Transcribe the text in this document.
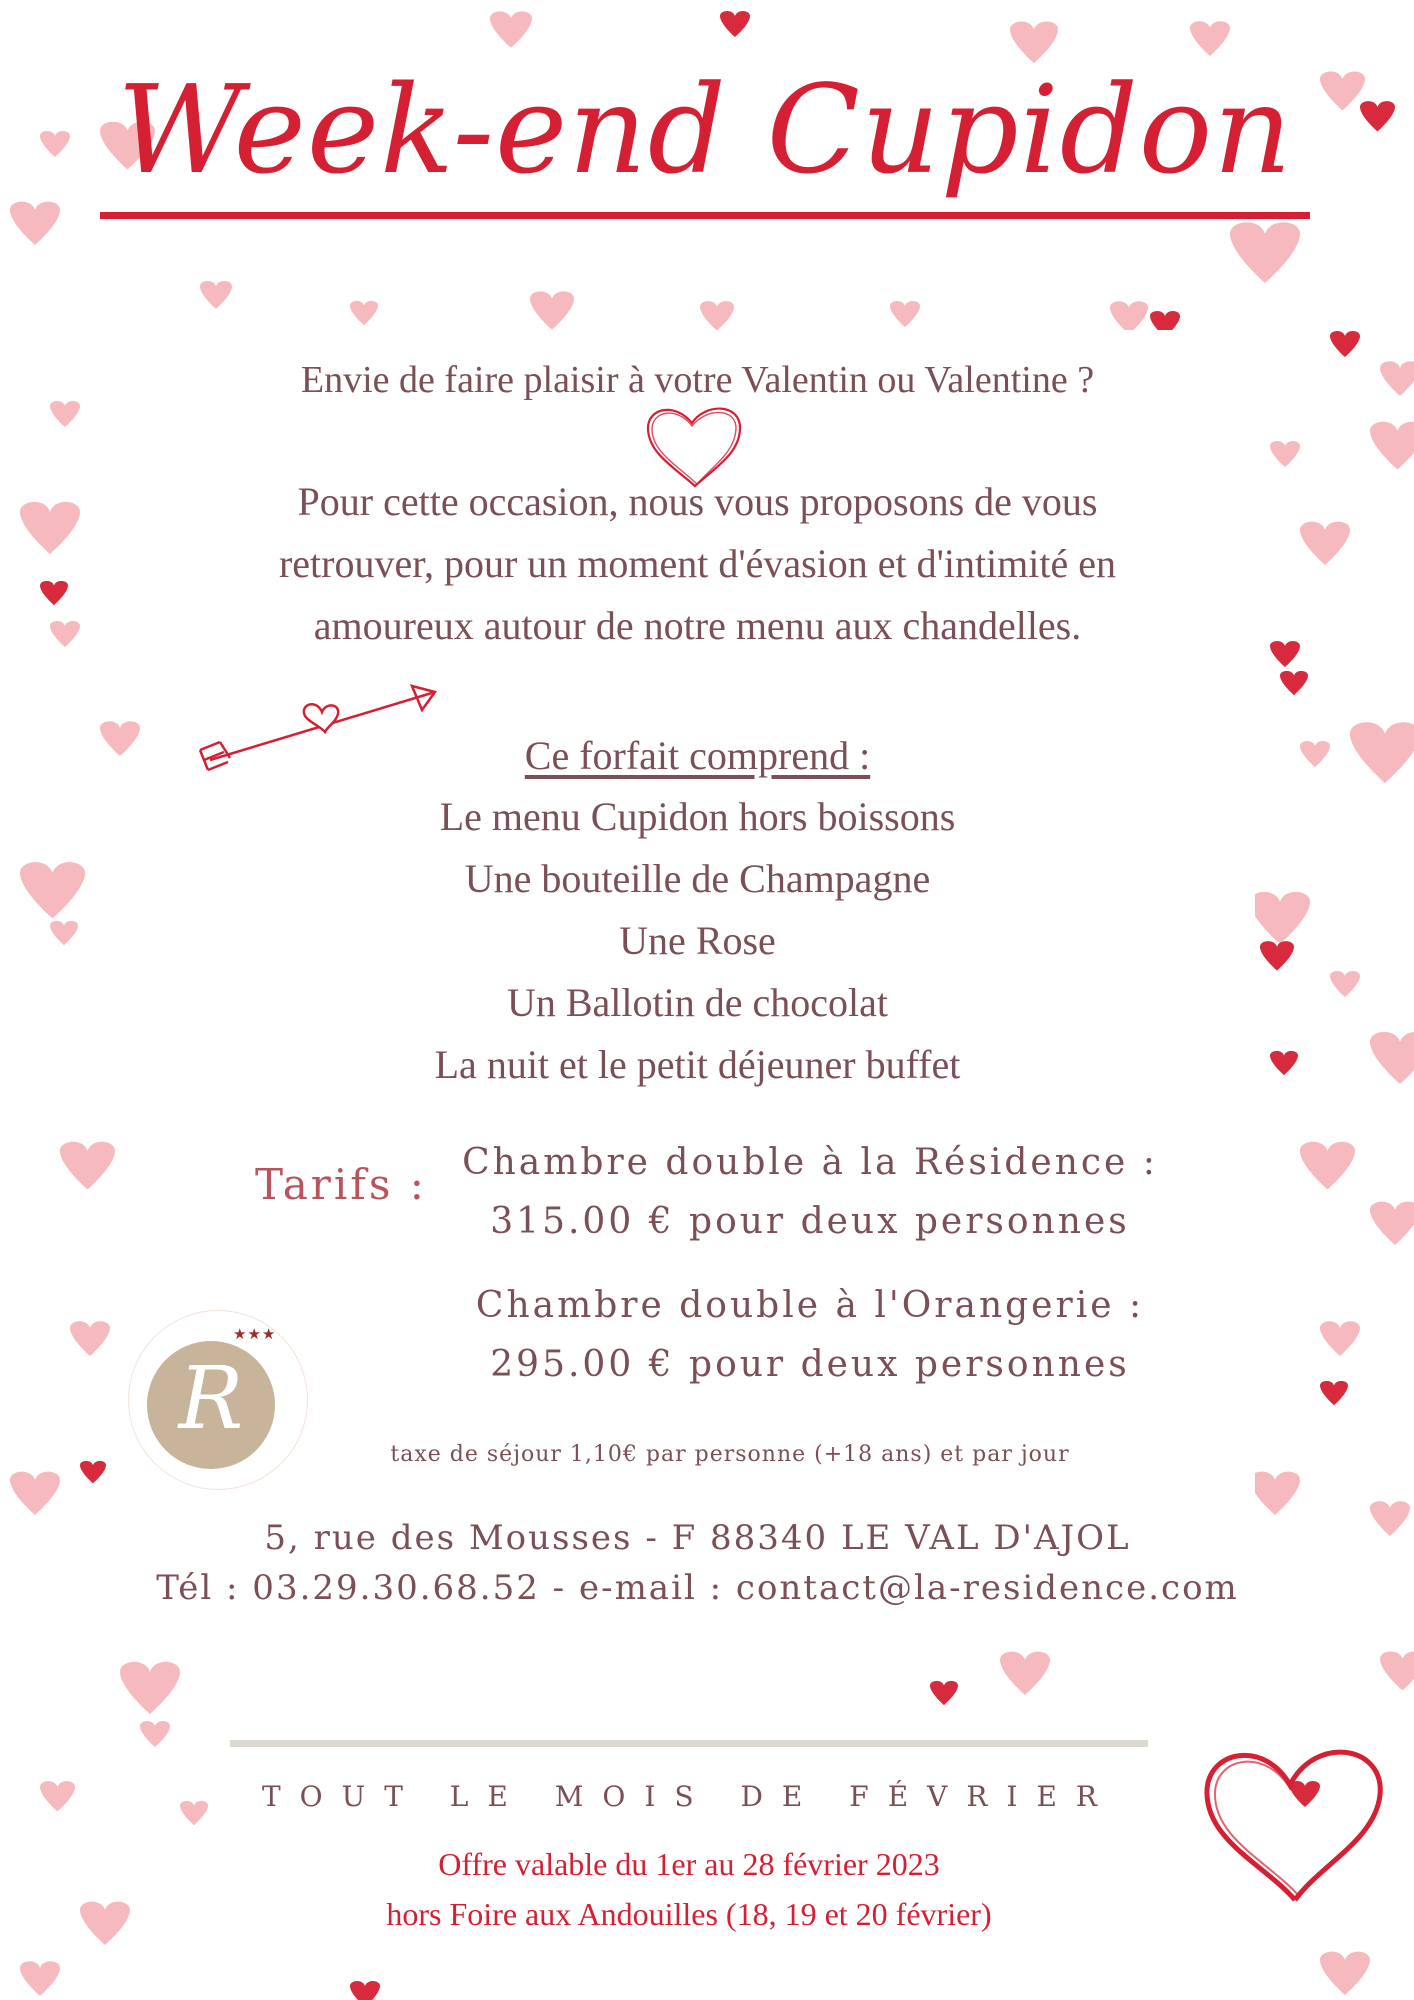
Week-end Cupidon
Envie de faire plaisir à votre Valentin ou Valentine ?
Pour cette occasion, nous vous proposons de vous
retrouver, pour un moment d'évasion et d'intimité en
amoureux autour de notre menu aux chandelles.
Ce forfait comprend :
Le menu Cupidon hors boissons
Une bouteille de Champagne
Une Rose
Un Ballotin de chocolat
La nuit et le petit déjeuner buffet
Tarifs : Chambre double à la Résidence :
315.00 € pour deux personnes
Chambre double à l'Orangerie :
295.00 € pour deux personnes
R
★★★
taxe de séjour 1,10€ par personne (+18 ans) et par jour
5, rue des Mousses - F 88340 LE VAL D'AJOL
Tél : 03.29.30.68.52 - e-mail : contact@la-residence.com
TOUT LE MOIS DE FÉVRIER
Offre valable du 1er au 28 février 2023
hors Foire aux Andouilles (18, 19 et 20 février)
